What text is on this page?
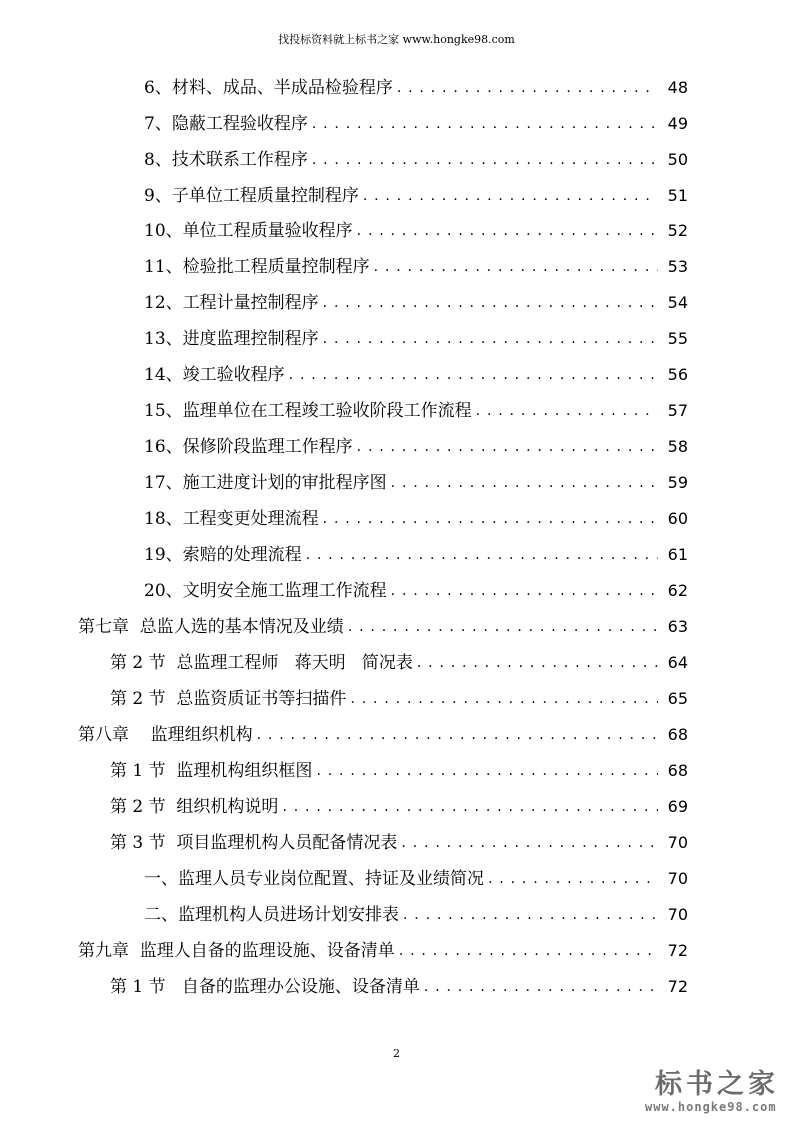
找投标资料就上标书之家 www.hongke98.com
6、材料、成品、半成品检验程序 . . .	48
7、隐蔽工程验收程序 . . .	49
8、技术联系工作程序 . . .	50
9、子单位工程质量控制程序 . . .	51
10、单位工程质量验收程序 . . .	52
11、检验批工程质量控制程序 . . .	53
12、工程计量控制程序 . . .	54
13、进度监理控制程序 . . .	55
14、竣工验收程序 . . .	56
15、监理单位在工程竣工验收阶段工作流程 . . .	57
16、保修阶段监理工作程序 . . .	58
17、施工进度计划的审批程序图 . . .	59
18、工程变更处理流程 . . .	60
19、索赔的处理流程 . . .	61
20、文明安全施工监理工作流程 . . .	62
第七章  总监人选的基本情况及业绩 . . .	63
第 2 节  总监理工程师   蒋天明   简况表 . . .	64
第 2 节  总监资质证书等扫描件 . . .	65
第八章    监理组织机构 . . .	68
第 1 节  监理机构组织框图 . . .	68
第 2 节  组织机构说明 . . .	69
第 3 节  项目监理机构人员配备情况表 . . .	70
一、监理人员专业岗位配置、持证及业绩简况 . . .	70
二、监理机构人员进场计划安排表 . . .	70
第九章  监理人自备的监理设施、设备清单 . . .	72
第 1 节   自备的监理办公设施、设备清单 . . .	72
2
标书之家
www.hongke98.com
